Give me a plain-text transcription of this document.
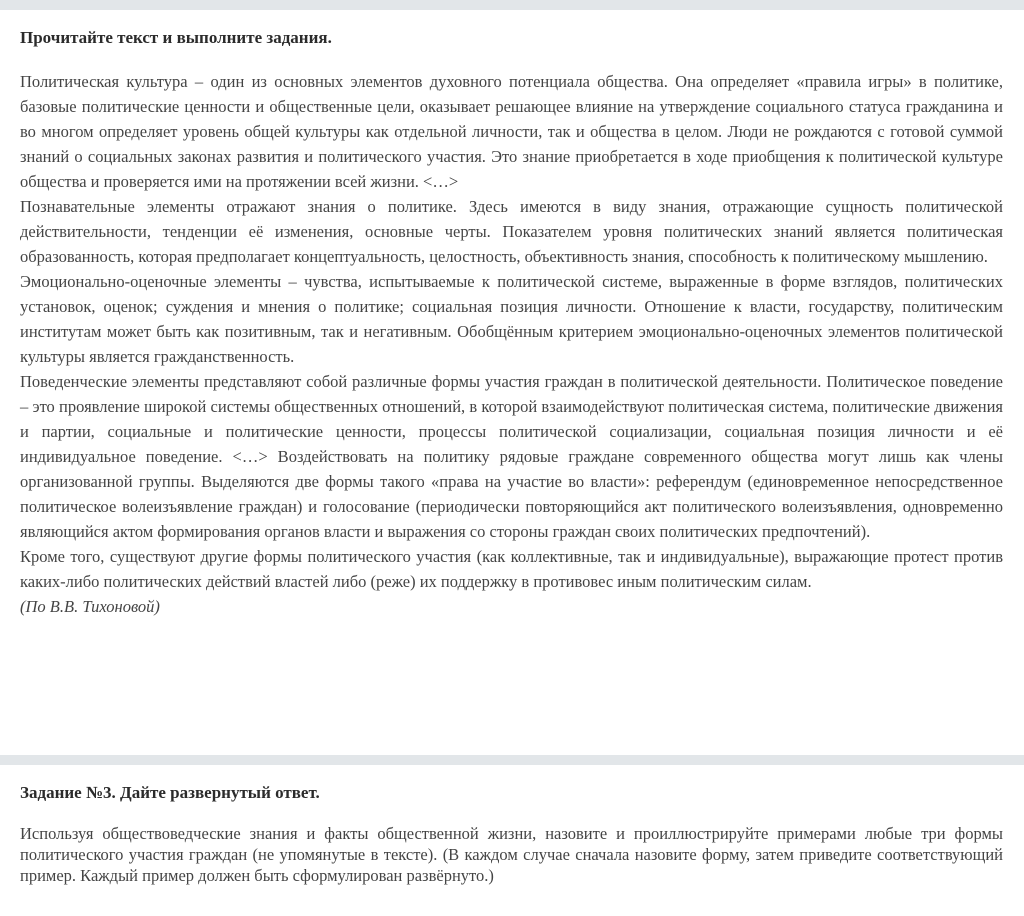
Прочитайте текст и выполните задания.

Политическая культура – один из основных элементов духовного потенциала общества. Она определяет «правила игры» в политике, базовые политические ценности и общественные цели, оказывает решающее влияние на утверждение социального статуса гражданина и во многом определяет уровень общей культуры как отдельной личности, так и общества в целом. Люди не рождаются с готовой суммой знаний о социальных законах развития и политического участия. Это знание приобретается в ходе приобщения к политической культуре общества и проверяется ими на протяжении всей жизни. <…>

Познавательные элементы отражают знания о политике. Здесь имеются в виду знания, отражающие сущность политической действительности, тенденции её изменения, основные черты. Показателем уровня политических знаний является политическая образованность, которая предполагает концептуальность, целостность, объективность знания, способность к политическому мышлению.

Эмоционально-оценочные элементы – чувства, испытываемые к политической системе, выраженные в форме взглядов, политических установок, оценок; суждения и мнения о политике; социальная позиция личности. Отношение к власти, государству, политическим институтам может быть как позитивным, так и негативным. Обобщённым критерием эмоционально-оценочных элементов политической культуры является гражданственность.

Поведенческие элементы представляют собой различные формы участия граждан в политической деятельности. Политическое поведение – это проявление широкой системы общественных отношений, в которой взаимодействуют политическая система, политические движения и партии, социальные и политические ценности, процессы политической социализации, социальная позиция личности и её индивидуальное поведение. <…> Воздействовать на политику рядовые граждане современного общества могут лишь как члены организованной группы. Выделяются две формы такого «права на участие во власти»: референдум (единовременное непосредственное политическое волеизъявление граждан) и голосование (периодически повторяющийся акт политического волеизъявления, одновременно являющийся актом формирования органов власти и выражения со стороны граждан своих политических предпочтений).

Кроме того, существуют другие формы политического участия (как коллективные, так и индивидуальные), выражающие протест против каких-либо политических действий властей либо (реже) их поддержку в противовес иным политическим силам.

(По В.В. Тихоновой)

Задание №3. Дайте развернутый ответ.

Используя обществоведческие знания и факты общественной жизни, назовите и проиллюстрируйте примерами любые три формы политического участия граждан (не упомянутые в тексте). (В каждом случае сначала назовите форму, затем приведите соответствующий пример. Каждый пример должен быть сформулирован развёрнуто.)
